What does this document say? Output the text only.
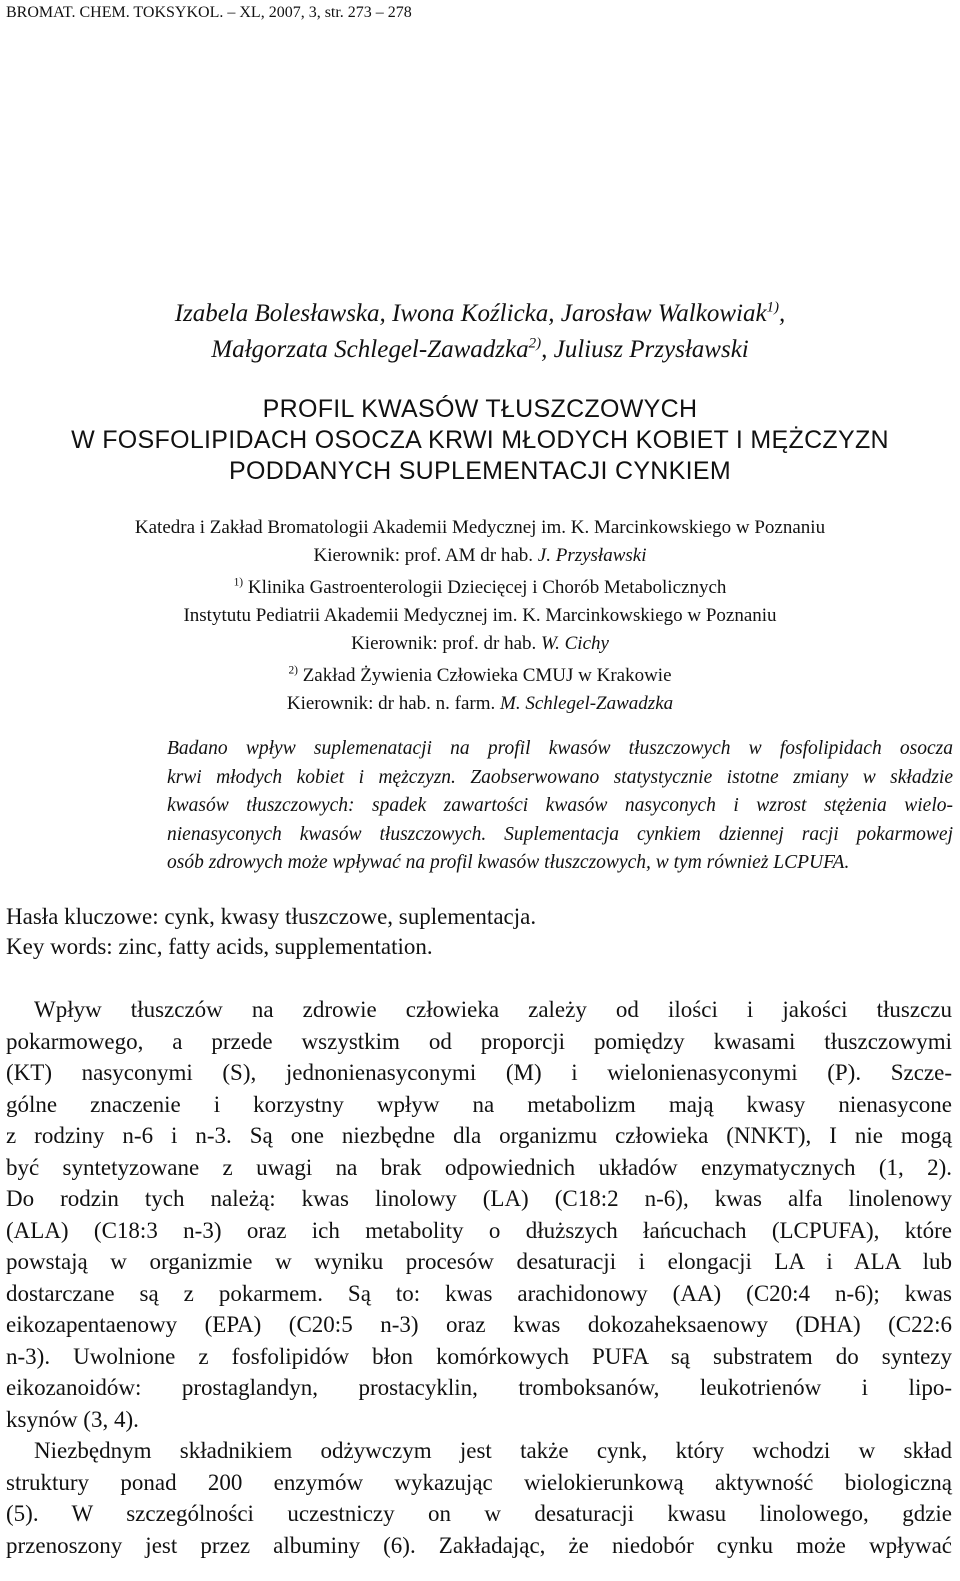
BROMAT. CHEM. TOKSYKOL. – XL, 2007, 3, str. 273 – 278
Izabela Bolesławska, Iwona Koźlicka, Jarosław Walkowiak$^{1)}$,
Małgorzata Schlegel-Zawadzka$^{2)}$, Juliusz Przysławski
PROFIL KWASÓW TŁUSZCZOWYCH
W FOSFOLIPIDACH OSOCZA KRWI MŁODYCH KOBIET I MĘŻCZYZN
PODDANYCH SUPLEMENTACJI CYNKIEM
Katedra i Zakład Bromatologii Akademii Medycznej im. K. Marcinkowskiego w Poznaniu
Kierownik: prof. AM dr hab. J. Przysławski
$^{1)}$ Klinika Gastroenterologii Dziecięcej i Chorób Metabolicznych
Instytutu Pediatrii Akademii Medycznej im. K. Marcinkowskiego w Poznaniu
Kierownik: prof. dr hab. W. Cichy
$^{2)}$ Zakład Żywienia Człowieka CMUJ w Krakowie
Kierownik: dr hab. n. farm. M. Schlegel-Zawadzka
Badano wpływ suplemenatacji na profil kwasów tłuszczowych w fosfolipidach osocza
krwi młodych kobiet i mężczyzn. Zaobserwowano statystycznie istotne zmiany w składzie
kwasów tłuszczowych: spadek zawartości kwasów nasyconych i wzrost stężenia wielo-
nienasyconych kwasów tłuszczowych. Suplementacja cynkiem dziennej racji pokarmowej
osób zdrowych może wpływać na profil kwasów tłuszczowych, w tym również LCPUFA.
Hasła kluczowe: cynk, kwasy tłuszczowe, suplementacja.
Key words: zinc, fatty acids, supplementation.
Wpływ tłuszczów na zdrowie człowieka zależy od ilości i jakości tłuszczu
pokarmowego, a przede wszystkim od proporcji pomiędzy kwasami tłuszczowymi
(KT) nasyconymi (S), jednonienasyconymi (M) i wielonienasyconymi (P). Szcze-
gólne znaczenie i korzystny wpływ na metabolizm mają kwasy nienasycone
z rodziny n-6 i n-3. Są one niezbędne dla organizmu człowieka (NNKT), I nie mogą
być syntetyzowane z uwagi na brak odpowiednich układów enzymatycznych (1, 2).
Do rodzin tych należą: kwas linolowy (LA) (C18:2 n-6), kwas alfa linolenowy
(ALA) (C18:3 n-3) oraz ich metabolity o dłuższych łańcuchach (LCPUFA), które
powstają w organizmie w wyniku procesów desaturacji i elongacji LA i ALA lub
dostarczane są z pokarmem. Są to: kwas arachidonowy (AA) (C20:4 n-6); kwas
eikozapentaenowy (EPA) (C20:5 n-3) oraz kwas dokozaheksaenowy (DHA) (C22:6
n-3). Uwolnione z fosfolipidów błon komórkowych PUFA są substratem do syntezy
eikozanoidów: prostaglandyn, prostacyklin, tromboksanów, leukotrienów i lipo-
ksynów (3, 4).
Niezbędnym składnikiem odżywczym jest także cynk, który wchodzi w skład
struktury ponad 200 enzymów wykazując wielokierunkową aktywność biologiczną
(5). W szczególności uczestniczy on w desaturacji kwasu linolowego, gdzie
przenoszony jest przez albuminy (6). Zakładając, że niedobór cynku może wpływać
